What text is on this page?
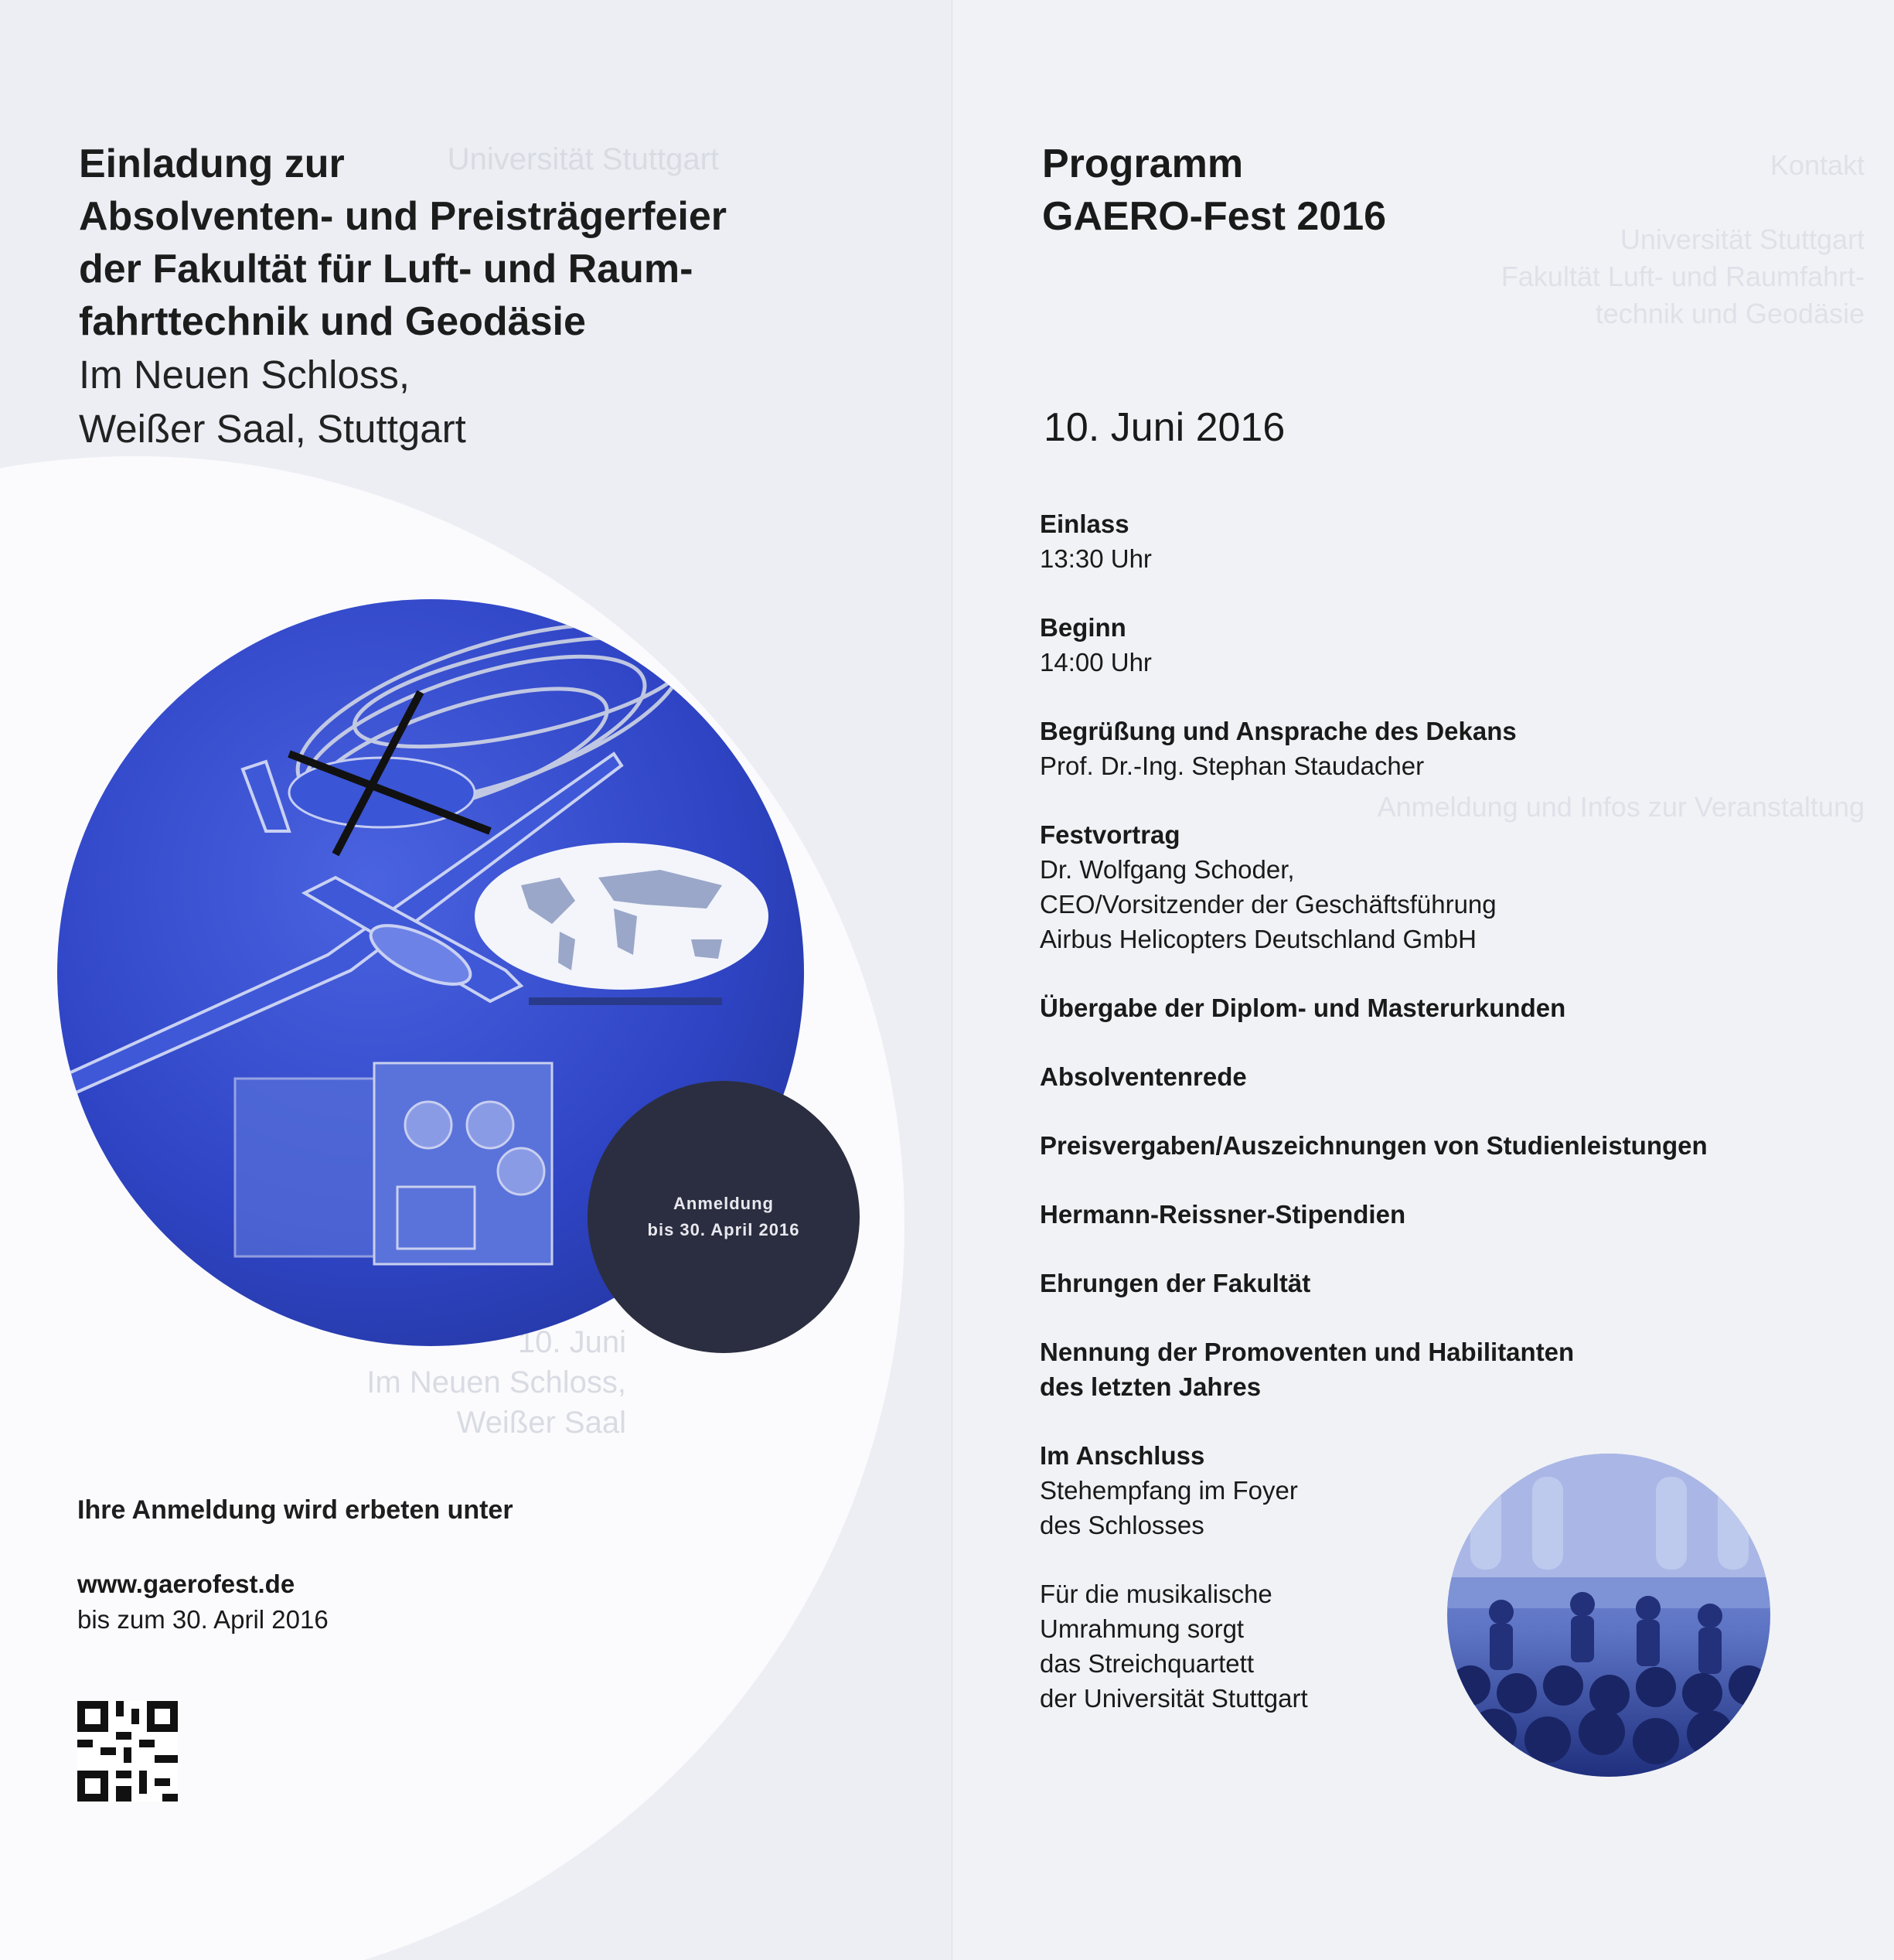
Universität Stuttgart
10. Juni
Im Neuen Schloss,
Weißer Saal
Einladung zur
Absolventen- und Preisträgerfeier
der Fakultät für Luft- und Raum-
fahrttechnik und Geodäsie
Im Neuen Schloss,
Weißer Saal, Stuttgart
Anmeldung
bis 30. April 2016
Ihre Anmeldung wird erbeten unter
www.gaerofest.de
bis zum 30. April 2016
Kontakt

Universität Stuttgart
Fakultät Luft- und Raumfahrt-
technik und Geodäsie
Anmeldung und Infos zur Veranstaltung
Programm
GAERO-Fest 2016
10. Juni 2016
Einlass
13:30 Uhr
Beginn
14:00 Uhr
Begrüßung und Ansprache des Dekans
Prof. Dr.-Ing. Stephan Staudacher
Festvortrag
Dr. Wolfgang Schoder,
CEO/Vorsitzender der Geschäftsführung
Airbus Helicopters Deutschland GmbH
Übergabe der Diplom- und Masterurkunden
Absolventenrede
Preisvergaben/Auszeichnungen von Studienleistungen
Hermann-Reissner-Stipendien
Ehrungen der Fakultät
Nennung der Promoventen und Habilitanten
des letzten Jahres
Im Anschluss
Stehempfang im Foyer
des Schlosses
Für die musikalische
Umrahmung sorgt
das Streichquartett
der Universität Stuttgart
